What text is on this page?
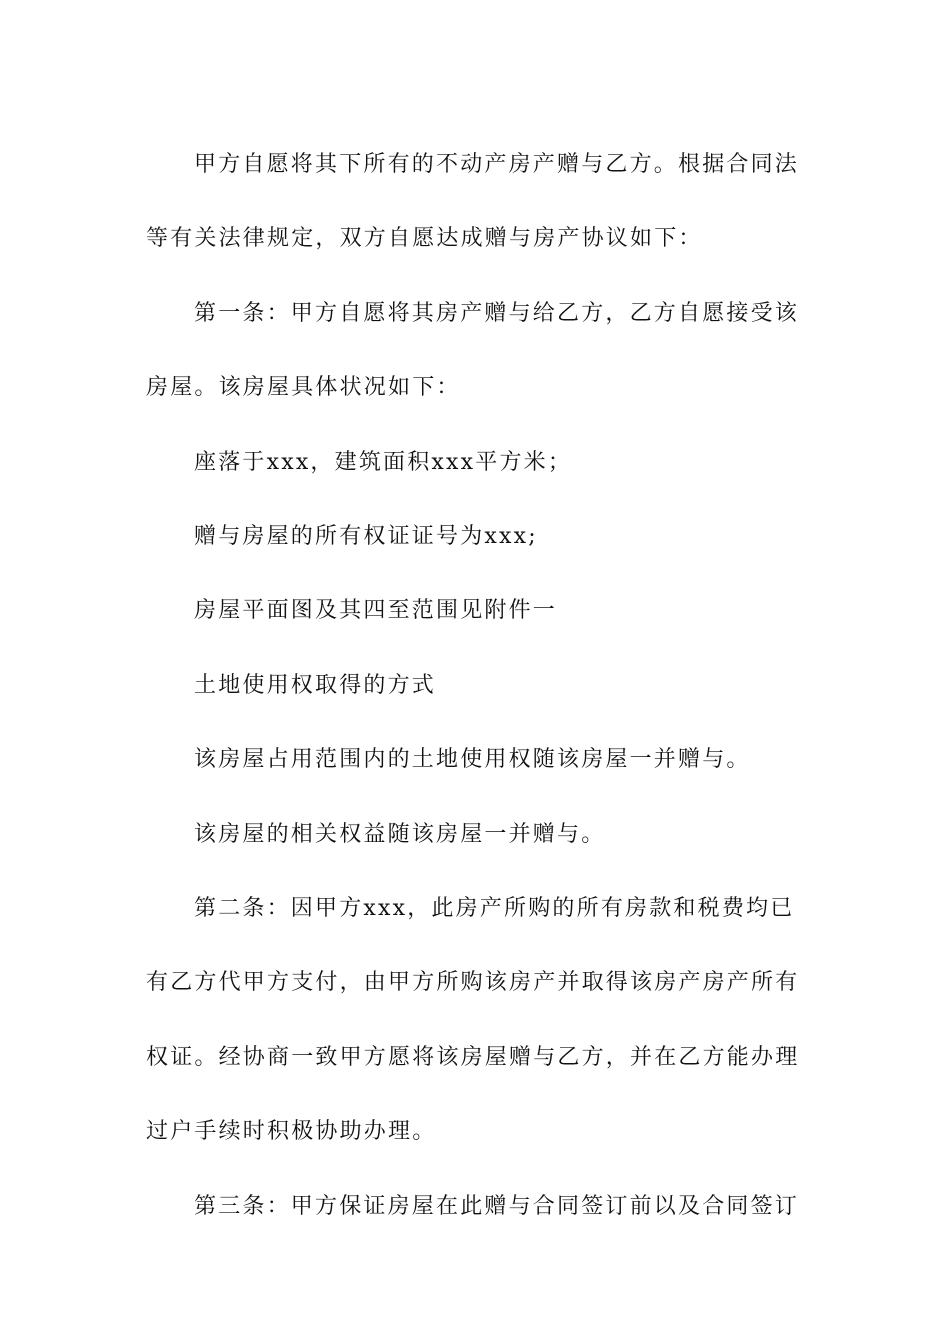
甲方自愿将其下所有的不动产房产赠与乙方。根据合同法等有关法律规定，双方自愿达成赠与房产协议如下：

第一条：甲方自愿将其房产赠与给乙方，乙方自愿接受该房屋。该房屋具体状况如下：

座落于xxx，建筑面积xxx平方米；

赠与房屋的所有权证证号为xxx;

房屋平面图及其四至范围见附件一

土地使用权取得的方式

该房屋占用范围内的土地使用权随该房屋一并赠与。

该房屋的相关权益随该房屋一并赠与。

第二条：因甲方xxx，此房产所购的所有房款和税费均已有乙方代甲方支付，由甲方所购该房产并取得该房产房产所有权证。经协商一致甲方愿将该房屋赠与乙方，并在乙方能办理过户手续时积极协助办理。

第三条：甲方保证房屋在此赠与合同签订前以及合同签订
